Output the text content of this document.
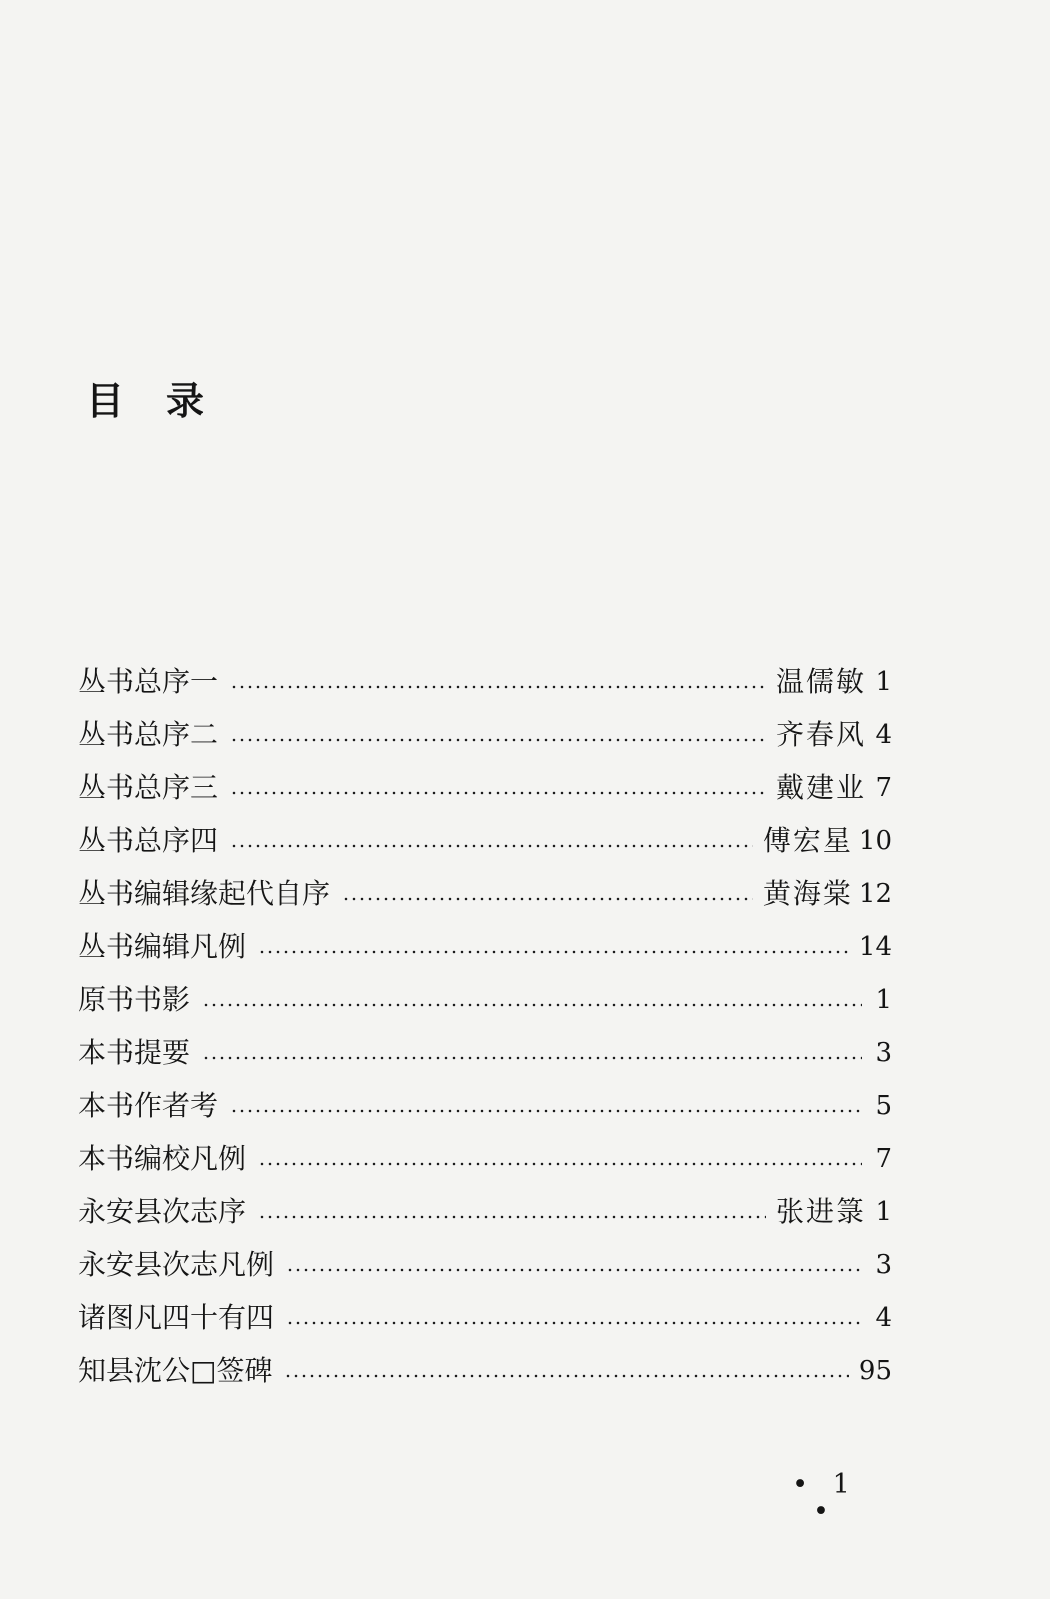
目录
丛书总序一	温儒敏 1
丛书总序二	齐春风 4
丛书总序三	戴建业 7
丛书总序四	傅宏星 10
丛书编辑缘起代自序	黄海棠 12
丛书编辑凡例	14
原书书影	1
本书提要	3
本书作者考	5
本书编校凡例	7
永安县次志序	张进箓 1
永安县次志凡例	3
诸图凡四十有四	4
知县沈公□签碑	95
• 1 •
